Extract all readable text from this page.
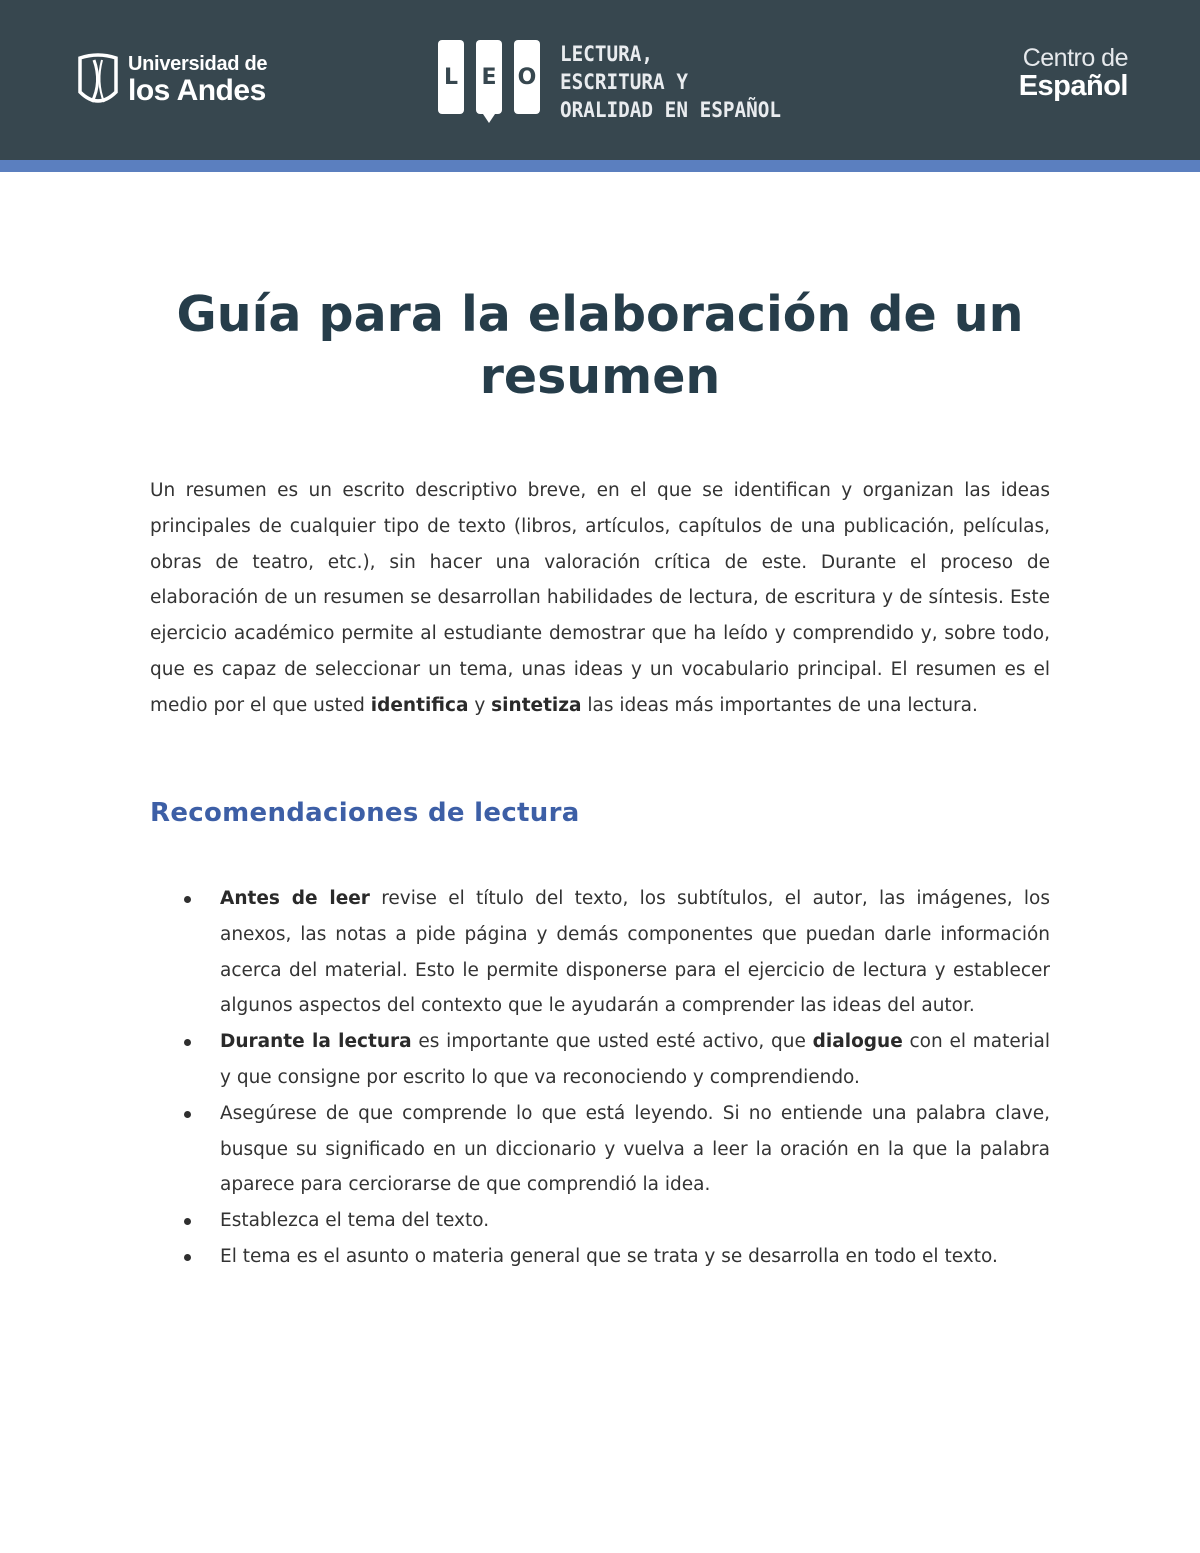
Universidad de
los Andes	L E O
LECTURA,
ESCRITURA Y
ORALIDAD EN ESPAÑOL
Centro de
Español
Guía para la elaboración de un
resumen

Un resumen es un escrito descriptivo breve, en el que se identifican y organizan las ideas principales de cualquier tipo de texto (libros, artículos, capítulos de una publicación, películas, obras de teatro, etc.), sin hacer una valoración crítica de este. Durante el proceso de elaboración de un resumen se desarrollan habilidades de lectura, de escritura y de síntesis. Este ejercicio académico permite al estudiante demostrar que ha leído y comprendido y, sobre todo, que es capaz de seleccionar un tema, unas ideas y un vocabulario principal. El resumen es el medio por el que usted identifica y sintetiza las ideas más importantes de una lectura.

Recomendaciones de lectura
Antes de leer revise el título del texto, los subtítulos, el autor, las imágenes, los anexos, las notas a pide página y demás componentes que puedan darle información acerca del material. Esto le permite disponerse para el ejercicio de lectura y establecer algunos aspectos del contexto que le ayudarán a comprender las ideas del autor.
Durante la lectura es importante que usted esté activo, que dialogue con el material y que consigne por escrito lo que va reconociendo y comprendiendo.
Asegúrese de que comprende lo que está leyendo. Si no entiende una palabra clave, busque su significado en un diccionario y vuelva a leer la oración en la que la palabra aparece para cerciorarse de que comprendió la idea.
Establezca el tema del texto.
El tema es el asunto o materia general que se trata y se desarrolla en todo el texto.
